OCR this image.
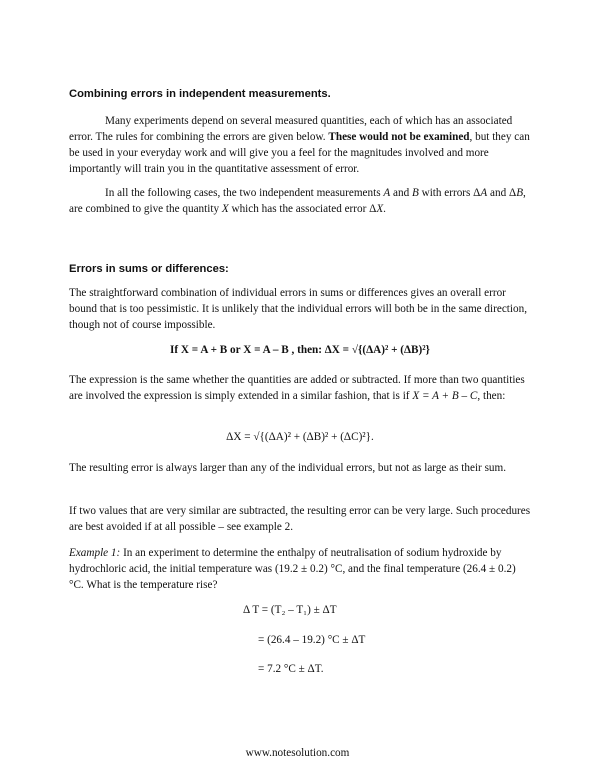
Combining errors in independent measurements.

Many experiments depend on several measured quantities, each of which has an associated error. The rules for combining the errors are given below. These would not be examined, but they can be used in your everyday work and will give you a feel for the magnitudes involved and more importantly will train you in the quantitative assessment of error.

In all the following cases, the two independent measurements A and B with errors ΔA and ΔB, are combined to give the quantity X which has the associated error ΔX.

Errors in sums or differences:

The straightforward combination of individual errors in sums or differences gives an overall error bound that is too pessimistic. It is unlikely that the individual errors will both be in the same direction, though not of course impossible.

If X = A + B or X = A – B , then: ΔX = √{(ΔA)² + (ΔB)²}

The expression is the same whether the quantities are added or subtracted. If more than two quantities are involved the expression is simply extended in a similar fashion, that is if X = A + B – C, then:

ΔX = √{(ΔA)² + (ΔB)² + (ΔC)²}.

The resulting error is always larger than any of the individual errors, but not as large as their sum.

If two values that are very similar are subtracted, the resulting error can be very large. Such procedures are best avoided if at all possible – see example 2.

Example 1: In an experiment to determine the enthalpy of neutralisation of sodium hydroxide by hydrochloric acid, the initial temperature was (19.2 ± 0.2) °C, and the final temperature (26.4 ± 0.2) °C. What is the temperature rise?

Δ T = (T₂ – T₁) ± ΔT

= (26.4 – 19.2) °C ± ΔT

= 7.2 °C ± ΔT.

www.notesolution.com
